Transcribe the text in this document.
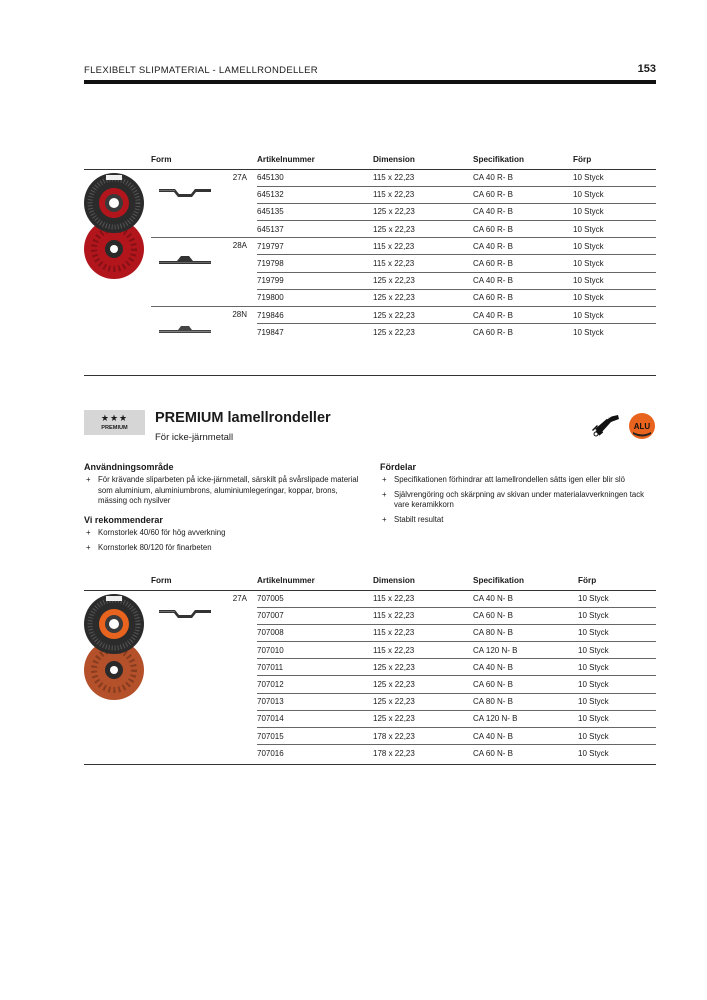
FLEXIBELT SLIPMATERIAL - LAMELLRONDELLER	153
Form		Artikelnummer	Dimension	Specifikation	Förp

27A	645130	115 x 22,23	CA 40 R- B	10 Styck
		645132	115 x 22,23	CA 60 R- B	10 Styck
		645135	125 x 22,23	CA 40 R- B	10 Styck
		645137	125 x 22,23	CA 60 R- B	10 Styck

	28A	719797	115 x 22,23	CA 40 R- B	10 Styck
		719798	115 x 22,23	CA 60 R- B	10 Styck
		719799	125 x 22,23	CA 40 R- B	10 Styck
		719800	125 x 22,23	CA 60 R- B	10 Styck

	28N	719846	125 x 22,23	CA 40 R- B	10 Styck
		719847	125 x 22,23	CA 60 R- B	10 Styck
★★★
PREMIUM
PREMIUM lamellrondeller
För icke-järnmetall
ALU
Användningsområde
+ För krävande sliparbeten på icke-järnmetall, särskilt på svårslipade material som aluminium, aluminiumbrons, aluminiumlegeringar, koppar, brons, mässing och nysilver
Vi rekommenderar
+ Kornstorlek 40/60 för hög avverkning
+ Kornstorlek 80/120 för finarbeten
Fördelar
+ Specifikationen förhindrar att lamellrondellen sätts igen eller blir slö
+ Självrengöring och skärpning av skivan under materialavverkningen tack vare keramikkorn
+ Stabilt resultat
Form		Artikelnummer	Dimension	Specifikation	Förp

27A	707005	115 x 22,23	CA 40 N- B	10 Styck
		707007	115 x 22,23	CA 60 N- B	10 Styck
		707008	115 x 22,23	CA 80 N- B	10 Styck
		707010	115 x 22,23	CA 120 N- B	10 Styck
		707011	125 x 22,23	CA 40 N- B	10 Styck
		707012	125 x 22,23	CA 60 N- B	10 Styck
		707013	125 x 22,23	CA 80 N- B	10 Styck
		707014	125 x 22,23	CA 120 N- B	10 Styck
		707015	178 x 22,23	CA 40 N- B	10 Styck
		707016	178 x 22,23	CA 60 N- B	10 Styck
